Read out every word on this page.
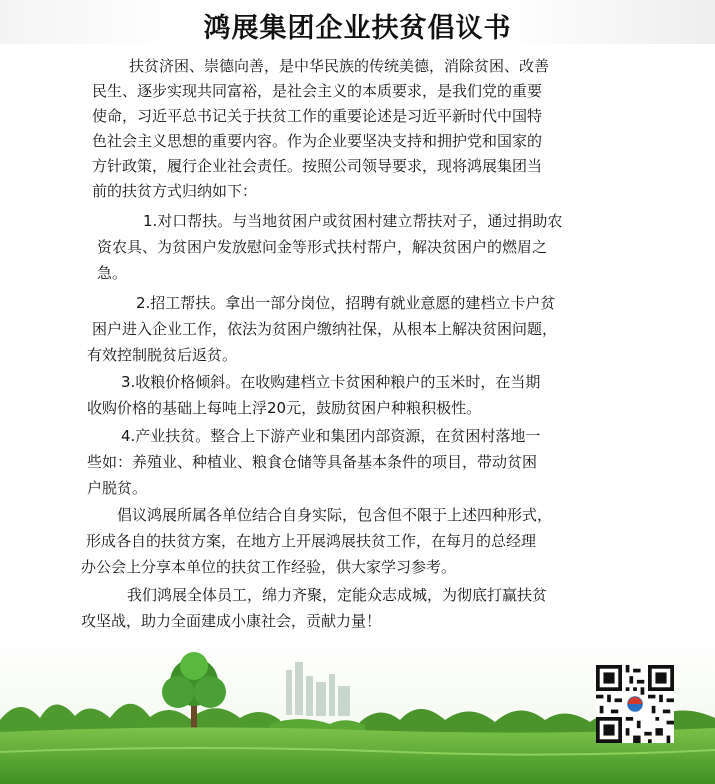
鸿展集团企业扶贫倡议书
扶贫济困、崇德向善，是中华民族的传统美德，消除贫困、改善
民生、逐步实现共同富裕，是社会主义的本质要求，是我们党的重要
使命，习近平总书记关于扶贫工作的重要论述是习近平新时代中国特
色社会主义思想的重要内容。作为企业要坚决支持和拥护党和国家的
方针政策，履行企业社会责任。按照公司领导要求，现将鸿展集团当
前的扶贫方式归纳如下：
1.对口帮扶。与当地贫困户或贫困村建立帮扶对子，通过捐助农
资农具、为贫困户发放慰问金等形式扶村帮户，解决贫困户的燃眉之
急。
2.招工帮扶。拿出一部分岗位，招聘有就业意愿的建档立卡户贫
困户进入企业工作，依法为贫困户缴纳社保，从根本上解决贫困问题，
有效控制脱贫后返贫。
3.收粮价格倾斜。在收购建档立卡贫困种粮户的玉米时，在当期
收购价格的基础上每吨上浮20元，鼓励贫困户种粮积极性。
4.产业扶贫。整合上下游产业和集团内部资源，在贫困村落地一
些如：养殖业、种植业、粮食仓储等具备基本条件的项目，带动贫困
户脱贫。
倡议鸿展所属各单位结合自身实际，包含但不限于上述四种形式，
形成各自的扶贫方案，在地方上开展鸿展扶贫工作，在每月的总经理
办公会上分享本单位的扶贫工作经验，供大家学习参考。
我们鸿展全体员工，绵力齐聚，定能众志成城，为彻底打赢扶贫
攻坚战，助力全面建成小康社会，贡献力量！
